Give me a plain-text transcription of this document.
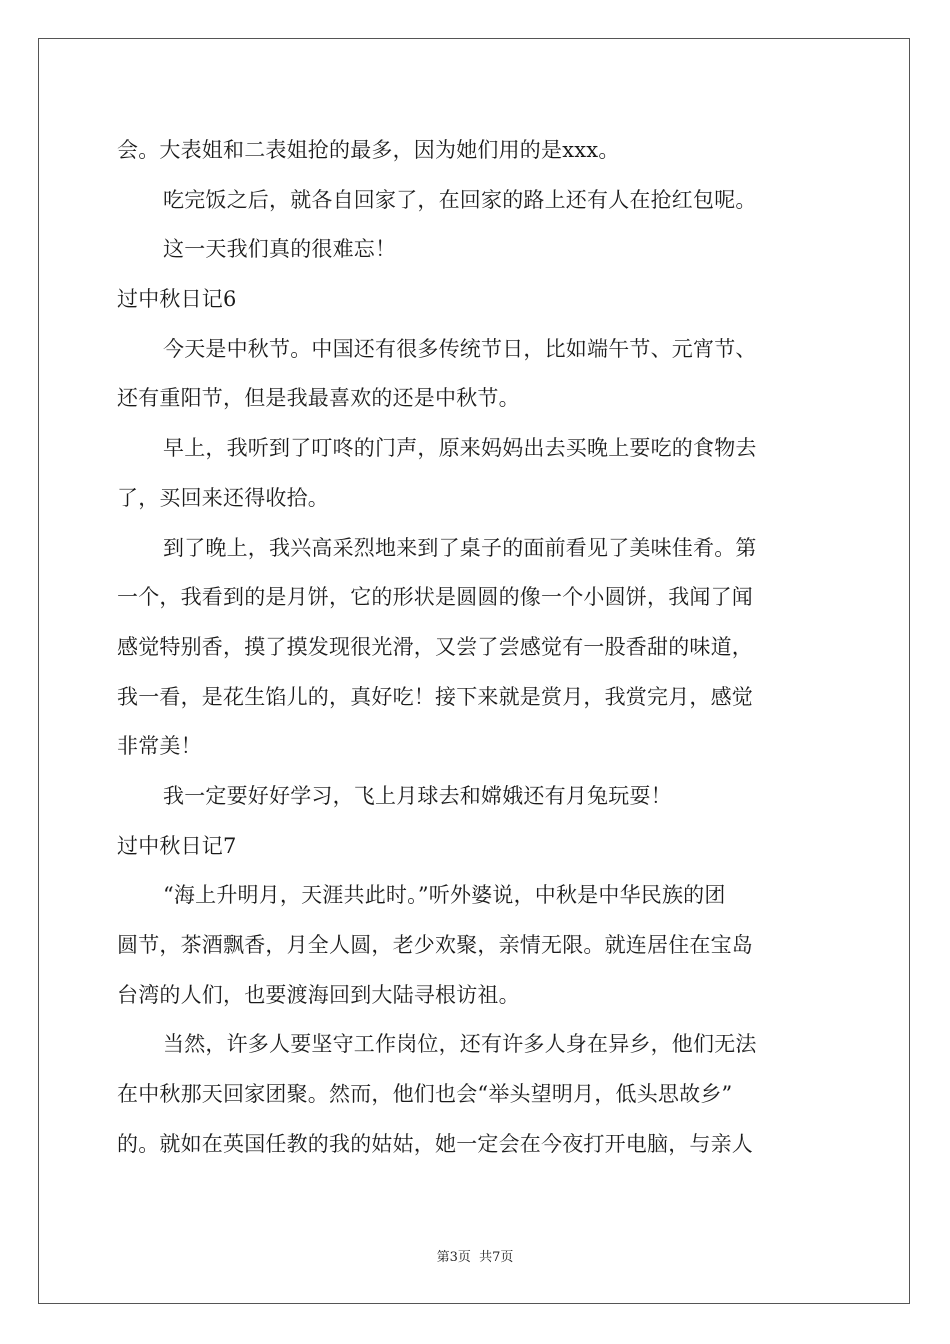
会。大表姐和二表姐抢的最多，因为她们用的是xxx。
吃完饭之后，就各自回家了，在回家的路上还有人在抢红包呢。
这一天我们真的很难忘！
过中秋日记6
今天是中秋节。中国还有很多传统节日，比如端午节、元宵节、
还有重阳节，但是我最喜欢的还是中秋节。
早上，我听到了叮咚的门声，原来妈妈出去买晚上要吃的食物去
了，买回来还得收拾。
到了晚上，我兴高采烈地来到了桌子的面前看见了美味佳肴。第
一个，我看到的是月饼，它的形状是圆圆的像一个小圆饼，我闻了闻
感觉特别香，摸了摸发现很光滑，又尝了尝感觉有一股香甜的味道，
我一看，是花生馅儿的，真好吃！接下来就是赏月，我赏完月，感觉
非常美！
我一定要好好学习，飞上月球去和嫦娥还有月兔玩耍！
过中秋日记7
“海上升明月，天涯共此时。”听外婆说，中秋是中华民族的团
圆节，茶酒飘香，月全人圆，老少欢聚，亲情无限。就连居住在宝岛
台湾的人们，也要渡海回到大陆寻根访祖。
当然，许多人要坚守工作岗位，还有许多人身在异乡，他们无法
在中秋那天回家团聚。然而，他们也会“举头望明月，低头思故乡”
的。就如在英国任教的我的姑姑，她一定会在今夜打开电脑，与亲人
第3页 共7页
